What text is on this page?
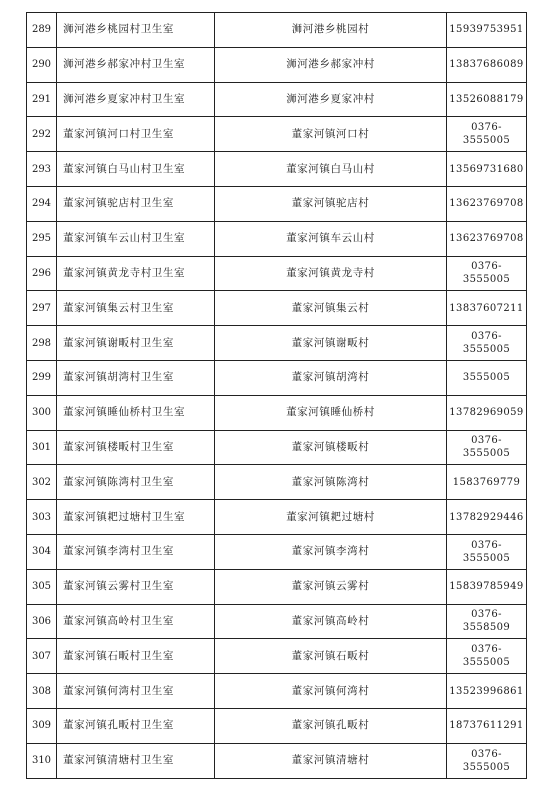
289	浉河港乡桃园村卫生室	浉河港乡桃园村	15939753951
290	浉河港乡郝家冲村卫生室	浉河港乡郝家冲村	13837686089
291	浉河港乡夏家冲村卫生室	浉河港乡夏家冲村	13526088179
292	董家河镇河口村卫生室	董家河镇河口村	0376-3555005
293	董家河镇白马山村卫生室	董家河镇白马山村	13569731680
294	董家河镇驼店村卫生室	董家河镇驼店村	13623769708
295	董家河镇车云山村卫生室	董家河镇车云山村	13623769708
296	董家河镇黄龙寺村卫生室	董家河镇黄龙寺村	0376-3555005
297	董家河镇集云村卫生室	董家河镇集云村	13837607211
298	董家河镇谢畈村卫生室	董家河镇谢畈村	0376-3555005
299	董家河镇胡湾村卫生室	董家河镇胡湾村	3555005
300	董家河镇睡仙桥村卫生室	董家河镇睡仙桥村	13782969059
301	董家河镇楼畈村卫生室	董家河镇楼畈村	0376-3555005
302	董家河镇陈湾村卫生室	董家河镇陈湾村	1583769779
303	董家河镇耙过塘村卫生室	董家河镇耙过塘村	13782929446
304	董家河镇李湾村卫生室	董家河镇李湾村	0376-3555005
305	董家河镇云雾村卫生室	董家河镇云雾村	15839785949
306	董家河镇高岭村卫生室	董家河镇高岭村	0376-3558509
307	董家河镇石畈村卫生室	董家河镇石畈村	0376-3555005
308	董家河镇何湾村卫生室	董家河镇何湾村	13523996861
309	董家河镇孔畈村卫生室	董家河镇孔畈村	18737611291
310	董家河镇清塘村卫生室	董家河镇清塘村	0376-3555005
